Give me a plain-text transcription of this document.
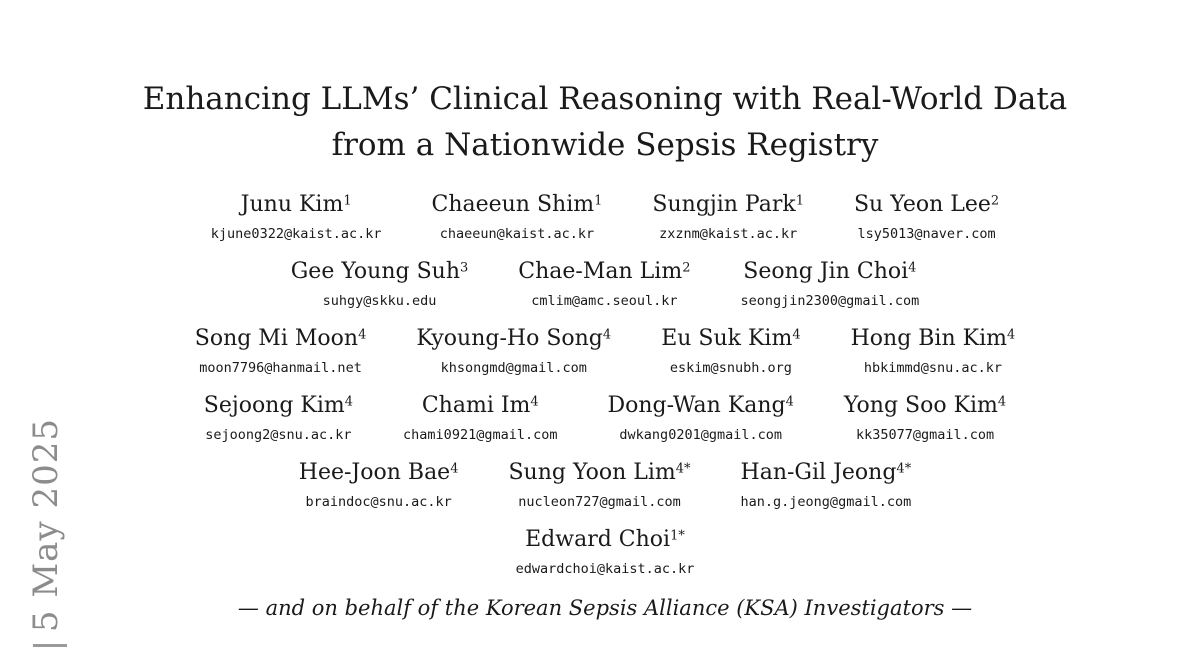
5 May 2025
Enhancing LLMs’ Clinical Reasoning with Real-World Data
from a Nationwide Sepsis Registry
Junu Kim$^1$
kjune0322@kaist.ac.kr
Chaeeun Shim$^1$
chaeeun@kaist.ac.kr
Sungjin Park$^1$
zxznm@kaist.ac.kr
Su Yeon Lee$^2$
lsy5013@naver.com
Gee Young Suh$^3$
suhgy@skku.edu
Chae-Man Lim$^2$
cmlim@amc.seoul.kr
Seong Jin Choi$^4$
seongjin2300@gmail.com
Song Mi Moon$^4$
moon7796@hanmail.net
Kyoung-Ho Song$^4$
khsongmd@gmail.com
Eu Suk Kim$^4$
eskim@snubh.org
Hong Bin Kim$^4$
hbkimmd@snu.ac.kr
Sejoong Kim$^4$
sejoong2@snu.ac.kr
Chami Im$^4$
chami0921@gmail.com
Dong-Wan Kang$^4$
dwkang0201@gmail.com
Yong Soo Kim$^4$
kk35077@gmail.com
Hee-Joon Bae$^4$
braindoc@snu.ac.kr
Sung Yoon Lim$^{4*}$
nucleon727@gmail.com
Han-Gil Jeong$^{4*}$
han.g.jeong@gmail.com
Edward Choi$^{1*}$
edwardchoi@kaist.ac.kr
— and on behalf of the Korean Sepsis Alliance (KSA) Investigators —
